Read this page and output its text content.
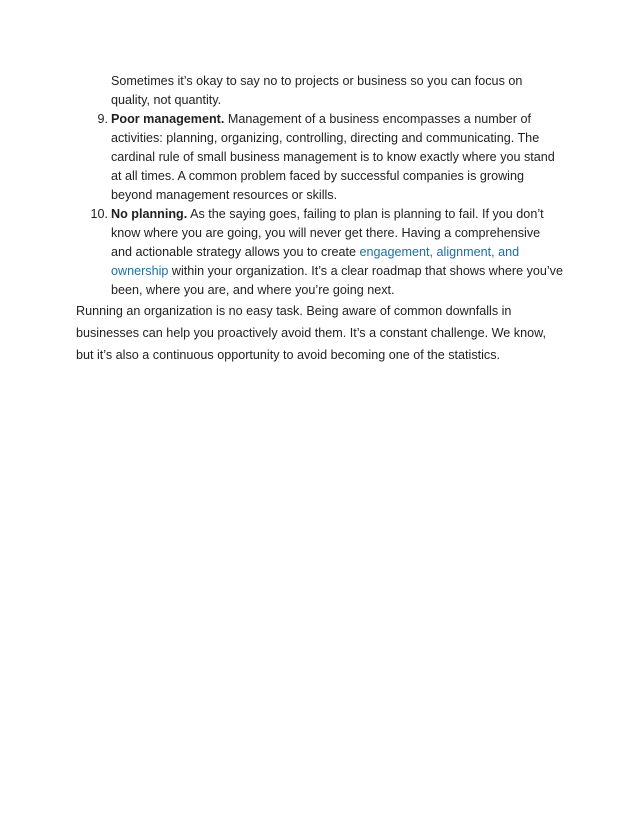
Sometimes it’s okay to say no to projects or business so you can focus on quality, not quantity.
9. Poor management. Management of a business encompasses a number of activities: planning, organizing, controlling, directing and communicating. The cardinal rule of small business management is to know exactly where you stand at all times. A common problem faced by successful companies is growing beyond management resources or skills.
10. No planning. As the saying goes, failing to plan is planning to fail. If you don’t know where you are going, you will never get there. Having a comprehensive and actionable strategy allows you to create engagement, alignment, and ownership within your organization. It’s a clear roadmap that shows where you’ve been, where you are, and where you’re going next.

Running an organization is no easy task. Being aware of common downfalls in businesses can help you proactively avoid them. It’s a constant challenge. We know, but it’s also a continuous opportunity to avoid becoming one of the statistics.
